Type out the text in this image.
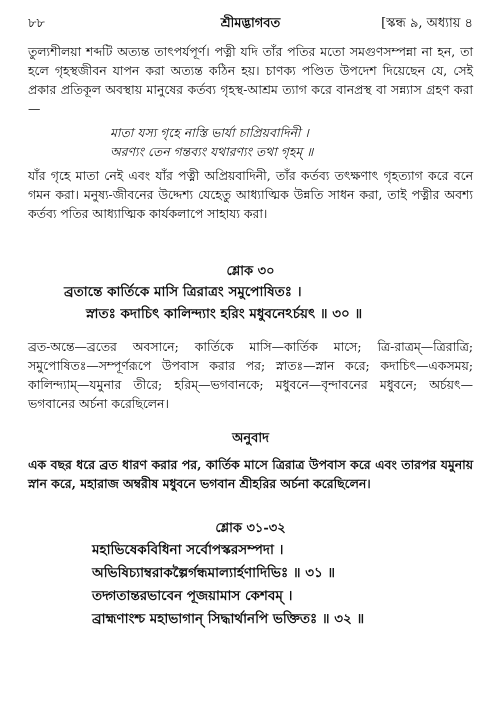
৮৮	শ্রীমদ্ভাগবত	[স্কন্ধ ৯, অধ্যায় ৪

তুল্যশীলয়া শব্দটি অত্যন্ত তাৎপর্যপূর্ণ। পত্নী যদি তাঁর পতির মতো সমগুণসম্পন্না না হন, তা হলে গৃহস্থজীবন যাপন করা অত্যন্ত কঠিন হয়। চাণক্য পণ্ডিত উপদেশ দিয়েছেন যে, সেই প্রকার প্রতিকূল অবস্থায় মানুষের কর্তব্য গৃহস্থ-আশ্রম ত্যাগ করে বানপ্রস্থ বা সন্ন্যাস গ্রহণ করা—

মাতা যস্য গৃহে নাস্তি ভার্যা চাপ্রিয়বাদিনী ।
অরণ্যং তেন গন্তব্যং যথারণ্যং তথা গৃহম্ ॥

যাঁর গৃহে মাতা নেই এবং যাঁর পত্নী অপ্রিয়বাদিনী, তাঁর কর্তব্য তৎক্ষণাৎ গৃহত্যাগ করে বনে গমন করা। মনুষ্য-জীবনের উদ্দেশ্য যেহেতু আধ্যাত্মিক উন্নতি সাধন করা, তাই পত্নীর অবশ্য কর্তব্য পতির আধ্যাত্মিক কার্যকলাপে সাহায্য করা।

শ্লোক ৩০
ব্রতান্তে কার্তিকে মাসি ত্রিরাত্রং সমুপোষিতঃ ।
স্নাতঃ কদাচিৎ কালিন্দ্যাং হরিং মধুবনেঽর্চয়ৎ ॥ ৩০ ॥

ব্রত-অন্তে—ব্রতের অবসানে; কার্তিকে মাসি—কার্তিক মাসে; ত্রি-রাত্রম্—ত্রিরাত্রি; সমুপোষিতঃ—সম্পূর্ণরূপে উপবাস করার পর; স্নাতঃ—স্নান করে; কদাচিৎ—একসময়; কালিন্দ্যাম্—যমুনার তীরে; হরিম্—ভগবানকে; মধুবনে—বৃন্দাবনের মধুবনে; অর্চয়ৎ—ভগবানের অর্চনা করেছিলেন।

অনুবাদ

এক বছর ধরে ব্রত ধারণ করার পর, কার্তিক মাসে ত্রিরাত্র উপবাস করে এবং তারপর যমুনায় স্নান করে, মহারাজ অম্বরীষ মধুবনে ভগবান শ্রীহরির অর্চনা করেছিলেন।

শ্লোক ৩১-৩২
মহাভিষেকবিধিনা সর্বোপস্করসম্পদা ।
অভিষিচ্যাম্বরাকল্পৈর্গন্ধমাল্যার্হণাদিভিঃ ॥ ৩১ ॥
তদ্গতান্তরভাবেন পূজয়ামাস কেশবম্ ।
ব্রাহ্মণাংশ্চ মহাভাগান্ সিদ্ধার্থানপি ভক্তিতঃ ॥ ৩২ ॥
